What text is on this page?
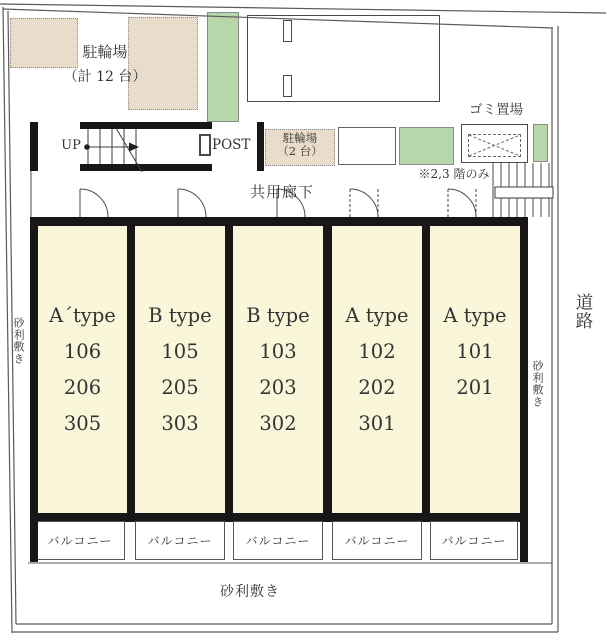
駐輪場
（2 台）
A´type
106
206
305
B type
105
205
303
B type
103
203
302
A type
102
202
301
A type
101
201
バルコニー	バルコニー	バルコニー	バルコニー	バルコニー
駐輪場
（計 12 台）
ゴミ置場
UP	POST
※2,3 階のみ
共用廊下
道路
砂利敷き
砂利敷き
砂利敷き
